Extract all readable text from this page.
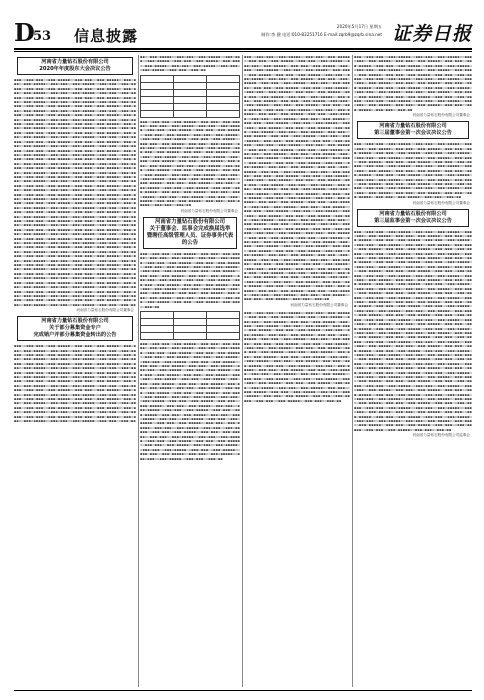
D 53 信息披露
2020年5月17日 星期五
制作:李 健 电话:010-83251716 E-mail:zqrb9@zqrb.sina.net 证券日报
河南省力量钻石股份有限公司
2020年年度股东大会决议公告
▪▪▪▫▫▪▪▪▫▪▪▪▫▫▪▪▪▫▪▪▪▪▪▫▫▪▪▪▫▪▪▪▫▫▪▪▪▫▪▪▪▪▪▫▫▪▪▪▫▪▪▪▫▫▪▪▪▫▪▪▪▪▪▫▫▪▪▪▫▪▪▪▫▫▪▪▪▫▪▪▪▪▪▫▫▪▪▪▫▪▪▪▫▫▪▪▪▫▪▪▪▪▪▫▫▪▪▪▫▪▪▪▫▫▪▪▪▫▪▪▪▪▪▫▫▪▪▪▫▪▪▪▫▫▪▪▪▫▪▪▪▪▪▫▫▪▪▪▫▪▪▪▫▫▪▪▪▫▪▪▪▪▪▫▫▪▪▪▫▪▪▪▫▫▪▪▪▫▪▪▪▪▪▫▫▪▪▪▫▪▪▪▫▫▪▪▪▫▪▪▪▪▪▫▫▪▪▪▫▪▪▪▫▫▪▪▪▫▪▪▪▪▪▫▫▪▪▪▫▪▪▪▫▫▪▪▪▫▪▪▪▪▪▫▫▪▪▪▫▪▪▪▫▫▪▪▪▫▪▪▪▪▪▫▫▪▪▪▫▪▪▪▫▫▪▪▪▫▪▪▪▪▪▫▫▪▪▪▫▪▪▪▫▫▪▪▪▫▪▪▪▪▪▫▫▪▪▪▫▪▪▪▫▫▪▪▪▫▪▪▪▪▪▫▫▪▪▪▫▪▪▪▫▫▪▪▪▫▪▪▪▪▪▫▫▪▪▪▫▪▪▪▫▫▪▪▪▫▪▪▪▪▪▫▫▪▪▪▫▪▪▪▫▫▪▪▪▫▪▪▪▪▪▫▫▪▪▪▫▪▪▪▫▫▪▪▪▫▪▪▪▪▪▫▫▪▪▪▫▪▪▪▫▫▪▪▪▫▪▪▪▪▪▫▫▪▪▪▫▪▪▪▫▫▪▪▪▫▪▪▪▪▪▫▫▪▪▪▫▪▪▪▫▫▪▪▪▫▪▪▪▪▪▫▫▪▪▪▫▪▪▪▫▫▪▪▪▫▪▪▪▪▪▫▫▪▪▪▫▪▪▪▫▫▪▪▪▫▪▪▪▪▪▫▫▪▪▪▫▪▪▪▫▫▪▪▪▫▪▪▪▪▪▫▫▪▪▪▫▪▪▪▫▫▪▪▪▫▪▪▪▪▪▫▫▪▪▪▫▪▪▪▫▫▪▪▪▫▪▪▪▪▪▫▫▪▪▪▫▪▪▪▫▫▪▪▪▫▪▪▪▪▪▫▫▪▪▪▫▪▪▪▫▫▪▪▪▫▪▪▪▪▪▫▫▪▪▪▫▪▪▪▫▫▪▪▪▫▪▪▪▪▪▫▫▪▪▪▫▪▪▪▫▫▪▪▪▫▪▪▪▪▪▫▫▪▪▪▫▪▪▪▫▫▪▪▪▫▪▪▪▪▪▫▫▪▪▪▫▪▪▪▫▫▪▪▪▫▪▪▪▪▪▫▫▪▪▪▫▪▪▪▫▫▪▪▪▫▪▪▪▪▪▫▫▪▪▪▫▪▪▪▫▫▪▪▪▫▪▪▪▪▪▫▫▪▪▪▫▪▪▪▫▫▪▪▪▫▪▪▪▪▪▫▫▪▪▪▫▪▪▪▫▫▪▪▪▫▪▪▪▪▪▫▫▪▪▪▫▪▪▪▫▫▪▪▪▫▪▪▪▪▪▫▫▪▪▪▫▪▪▪▫▫▪▪▪▫▪▪▪▪▪▫▫▪▪▪▫▪▪▪▫▫▪▪▪▫▪▪▪▪▪▫▫▪▪▪▫▪▪▪▫▫▪▪▪▫▪▪▪▪▪▫▫▪▪▪▫▪▪▪▫▫▪▪▪▫▪▪▪▪▪▫▫▪▪▪▫▪▪▪▫▫▪▪▪▫▪▪▪▪▪▫▫▪▪▪▫▪▪▪▫▫▪▪▪▫▪▪▪▪▪▫▫▪▪▪▫▪▪▪▫▫▪▪▪▫▪▪▪▪▪▫▫▪▪▪▫▪▪▪▫▫▪▪▪▫▪▪▪▪▪▫▫▪▪▪▫▪▪▪▫▫▪▪▪▫▪▪▪▪▪▫▫▪▪▪▫▪▪▪▫▫▪▪▪▫▪▪▪▪▪▫▫▪▪▪▫▪▪▪▫▫▪▪▪▫▪▪▪▪▪▫▫▪▪▪▫▪▪▪▫▫▪▪▪▫▪▪▪▪▪▫▫▪▪▪▫▪▪▪▫▫▪▪▪▫▪▪▪▪▪▫▫▪▪▪▫▪▪▪▫▫▪▪▪▫▪▪▪▪▪▫▫▪▪▪▫▪▪▪▫▫▪▪▪▫▪▪▪▪▪▫▫▪▪▪▫▪▪▪▫▫▪▪▪▫▪▪▪▪▪▫▫▪▪▪▫▪▪▪▫▫▪▪▪▫▪▪▪▪▪▫▫▪▪▪▫▪▪▪▫▫▪▪▪▫▪▪▪▪▪▫▫▪▪▪▫▪▪▪▫▫▪▪▪▫▪▪▪▪▪▫▫▪▪▪▫▪▪▪▫▫▪▪▪▫▪▪▪▪▪▫▫▪▪▪▫▪▪▪▫▫▪▪▪▫▪▪▪▪▪▫▫▪▪▪▫▪▪▪▫▫▪▪▪▫▪▪▪▪▪▫▫▪▪▪▫▪▪▪▫▫▪▪▪▫▪▪▪▪▪▫▫▪▪▪▫▪▪▪▫▫▪▪▪▫▪▪▪▪▪▫▫▪▪▪▫▪▪▪▫▫▪▪▪▫▪▪▪▪▪▫▫▪▪▪▫▪▪▪▫▫▪▪▪▫▪▪▪▪▪▫▫▪▪▪▫▪▪▪▫▫▪▪▪▫▪▪▪▪▪▫▫▪▪▪▫▪▪▪▫▫▪▪▪▫▪▪▪▪▪▫▫▪▪▪▫▪▪▪▫▫▪▪▪▫▪▪▪▪▪▫▫▪▪▪▫▪▪▪▫▫▪▪▪▫▪▪▪▪▪▫▫▪▪▪▫▪▪▪▫▫▪▪▪▫▪▪▪▪▪▫▫▪▪▪▫▪▪▪▫▫▪▪▪▫▪▪▪▪▪▫▫▪▪▪▫▪▪▪▫▫▪▪▪▫▪▪▪▪▪▫▫▪▪▪▫▪▪▪▫▫▪▪▪▫▪▪▪▪▪▫▫▪▪▪▫▪▪▪▫▫▪▪▪▫▪▪▪▪▪▫▫▪▪▪▫▪▪▪▫▫▪▪▪▫▪▪▪▪▪▫▫▪▪▪▫▪▪▪▫▫▪▪▪▫▪▪▪▪▪▫▫▪▪▪▫▪▪▪▫▫▪▪▪▫▪▪▪▪▪▫▫▪▪▪▫▪▪▪▫▫▪▪▪▫▪▪▪▪▪▫▫▪▪▪▫▪▪▪▫▫▪▪▪▫▪▪▪▪▪▫▫▪▪▪▫▪▪▪▫▫▪▪▪▫▪▪▪▪▪▫▫▪▪▪▫▪▪▪▫▫▪▪▪▫▪▪▪▪▪▫▫▪▪▪▫▪▪▪▫▫▪▪▪▫▪▪▪▪▪▫▫▪▪▪▫▪▪▪▫▫▪▪▪▫▪▪▪▪▪▫▫▪▪▪▫▪▪▪▫▫▪▪▪▫▪▪▪▪▪▫▫▪▪▪▫▪▪▪▫▫▪▪▪▫▪▪▪▪▪▫▫▪▪▪▫▪▪▪▫▫▪▪▪▫▪▪▪▪▪▫▫▪▪▪▫▪▪▪▫▫▪▪▪▫▪▪▪▪▪▫▫▪▪▪▫▪▪▪▫▫▪▪▪▫▪▪▪▪▪▫▫▪▪▪▫▪▪▪▫▫▪▪▪▫▪▪▪▪▪▫▫▪▪▪▫▪▪▪▫▫▪▪▪▫▪▪▪▪▪▫▫▪▪▪▫▪▪▪▫▫▪▪▪▫▪▪▪▪▪▫▫▪▪▪▫▪▪▪▫▫▪▪▪▫▪▪▪▪▪▫▫▪▪▪▫▪▪▪▫▫▪▪▪▫▪▪▪▪▪▫▫▪▪▪▫▪▪▪▫▫▪▪▪▫▪▪▪▪▪▫▫▪▪▪▫▪▪▪▫▫▪▪▪▫▪▪▪▪▪▫▫▪▪▪▫▪▪▪▫▫▪▪▪▫▪▪▪▪▪▫▫▪▪▪▫▪▪▪▫▫▪▪▪▫▪▪▪▪▪▫▫▪▪▪▫▪▪▪▫▫▪▪▪▫▪▪▪▪▪▫▫▪▪▪▫▪▪▪▫▫▪▪▪▫▪▪▪▪▪▫▫▪▪▪▫▪▪▪▫▫▪▪▪▫▪▪▪▪▪▫▫▪▪▪▫▪▪▪▫▫▪▪▪▫▪▪▪▪▪▫▫▪▪▪▫▪▪▪▫▫▪▪▪▫▪▪▪▪▪▫▫▪▪▪▫▪▪▪▫▫▪▪▪▫▪▪▪▪▪▫▫▪▪▪▫▪▪▪▫▫▪▪▪▫▪▪▪▪▪▫▫▪▪▪▫▪▪▪▫▫▪▪▪▫▪▪▪▪▪▫▫▪▪▪▫▪▪▪▫▫▪▪▪▫▪▪▪▪▪▫▫▪▪▪▫▪▪▪▫▫▪▪▪▫▪▪▪▪▪▫▫▪▪▪▫▪▪▪▫▫▪▪▪▫▪▪▪▪▪▫▫▪▪▪▫▪▪▪▫▫▪▪▪▫▪▪▪▪▪▫▫▪▪▪▫▪▪▪▫▫▪▪▪▫▪▪▪▪▪▫▫▪▪▪▫▪▪▪▫▫▪▪▪▫▪▪▪▪▪▫▫▪▪▪▫▪▪▪▫▫▪▪▪▫▪▪▪▪▪▫▫▪▪▪▫▪▪▪▫▫▪▪▪▫▪▪▪▪▪▫▫▪▪▪▫▪▪▪▫▫▪▪▪▫▪▪▪▪▪▫▫▪▪▪▫▪▪▪▫▫▪▪▪▫▪▪▪▪▪▫▫▪▪▪▫▪▪▪▫▫▪▪▪▫▪▪▪▪▪▫▫▪▪▪▫▪▪▪▫▫▪▪▪▫▪▪▪▪▪▫▫▪▪▪▫▪▪▪▫▫▪▪▪▫▪▪▪▪▪▫▫▪▪▪▫▪▪▪▫▫▪▪▪▫▪▪▪▪▪▫▫▪▪▪▫▪▪▪▫▫▪▪▪▫▪▪▪▪▪▫▫▪▪▪▫▪▪▪▫▫▪▪▪▫▪▪▪▪▪▫▫▪▪▪▫▪▪▪▫▫▪▪▪▫▪▪▪▪▪▫▫▪▪▪▫▪▪▪▫▫▪▪▪▫▪▪▪▪▪▫▫▪▪▪▫▪▪▪▫▫▪▪▪▫▪▪▪▪▪▫▫▪▪▪▫▪▪▪▫▫▪▪▪▫▪▪▪▪▪▫▫▪▪▪▫▪▪▪▫▫▪▪▪▫▪▪▪▪▪▫▫▪▪▪▫▪▪▪▫▫▪▪▪▫▪▪▪▪▪▫▫▪▪▪▫▪▪▪▫▫▪▪▪▫▪▪▪▪▪▫▫▪▪▪▫▪▪▪▫▫▪▪▪▫▪▪▪▪▪▫▫▪▪▪▫▪▪▪▫▫▪▪▪▫▪▪
河南省力量钻石股份有限公司董事会
河南省力量钻石股份有限公司
关于部分募集资金专户
完成销户并部分募集资金转出的公告
▪▪▪▫▫▪▪▪▫▪▪▪▫▫▪▪▪▫▪▪▪▪▪▫▫▪▪▪▫▪▪▪▫▫▪▪▪▫▪▪▪▪▪▫▫▪▪▪▫▪▪▪▫▫▪▪▪▫▪▪▪▪▪▫▫▪▪▪▫▪▪▪▫▫▪▪▪▫▪▪▪▪▪▫▫▪▪▪▫▪▪▪▫▫▪▪▪▫▪▪▪▪▪▫▫▪▪▪▫▪▪▪▫▫▪▪▪▫▪▪▪▪▪▫▫▪▪▪▫▪▪▪▫▫▪▪▪▫▪▪▪▪▪▫▫▪▪▪▫▪▪▪▫▫▪▪▪▫▪▪▪▪▪▫▫▪▪▪▫▪▪▪▫▫▪▪▪▫▪▪▪▪▪▫▫▪▪▪▫▪▪▪▫▫▪▪▪▫▪▪▪▪▪▫▫▪▪▪▫▪▪▪▫▫▪▪▪▫▪▪▪▪▪▫▫▪▪▪▫▪▪▪▫▫▪▪▪▫▪▪▪▪▪▫▫▪▪▪▫▪▪▪▫▫▪▪▪▫▪▪▪▪▪▫▫▪▪▪▫▪▪▪▫▫▪▪▪▫▪▪▪▪▪▫▫▪▪▪▫▪▪▪▫▫▪▪▪▫▪▪▪▪▪▫▫▪▪▪▫▪▪▪▫▫▪▪▪▫▪▪▪▪▪▫▫▪▪▪▫▪▪▪▫▫▪▪▪▫▪▪▪▪▪▫▫▪▪▪▫▪▪▪▫▫▪▪▪▫▪▪▪▪▪▫▫▪▪▪▫▪▪▪▫▫▪▪▪▫▪▪▪▪▪▫▫▪▪▪▫▪▪▪▫▫▪▪▪▫▪▪▪▪▪▫▫▪▪▪▫▪▪▪▫▫▪▪▪▫▪▪▪▪▪▫▫▪▪▪▫▪▪▪▫▫▪▪▪▫▪▪▪▪▪▫▫▪▪▪▫▪▪▪▫▫▪▪▪▫▪▪▪▪▪▫▫▪▪▪▫▪▪▪▫▫▪▪▪▫▪▪▪▪▪▫▫▪▪▪▫▪▪▪▫▫▪▪▪▫▪▪▪▪▪▫▫▪▪▪▫▪▪▪▫▫▪▪▪▫▪▪▪▪▪▫▫▪▪▪▫▪▪▪▫▫▪▪▪▫▪▪▪▪▪▫▫▪▪▪▫▪▪▪▫▫▪▪▪▫▪▪▪▪▪▫▫▪▪▪▫▪▪▪▫▫▪▪▪▫▪▪▪▪▪▫▫▪▪▪▫▪▪▪▫▫▪▪▪▫▪▪▪▪▪▫▫▪▪▪▫▪▪▪▫▫▪▪▪▫▪▪▪▪▪▫▫▪▪▪▫▪▪▪▫▫▪▪▪▫▪▪▪▪▪▫▫▪▪▪▫▪▪▪▫▫▪▪▪▫▪▪▪▪▪▫▫▪▪▪▫▪▪▪▫▫▪▪▪▫▪▪▪▪▪▫▫▪▪▪▫▪▪▪▫▫▪▪▪▫▪▪▪▪▪▫▫▪▪▪▫▪▪▪▫▫▪▪▪▫▪▪▪▪▪▫▫▪▪▪▫▪▪▪▫▫▪▪▪▫▪▪▪▪▪▫▫▪▪▪▫▪▪▪▫▫▪▪▪▫▪▪▪▪▪▫▫▪▪▪▫▪▪▪▫▫▪▪▪▫▪▪▪▪▪▫▫▪▪▪▫▪▪▪▫▫▪▪▪▫▪▪▪▪▪▫▫▪▪▪▫▪▪▪▫▫▪▪▪▫▪▪▪▪▪▫▫▪▪▪▫▪▪▪▫▫▪▪▪▫▪▪▪▪▪▫▫▪▪▪▫▪▪▪▫▫▪▪▪▫▪▪▪▪▪▫▫▪▪▪▫▪▪▪▫▫▪▪▪▫▪▪▪▪▪▫▫▪▪▪▫▪▪▪▫▫▪▪▪▫▪▪
▪▪▫▫▪▪▪▫▪▪▪▪▪▫▫▪▪▪▫▪▪▪▫▫▪▪▪▫▪▪▪▪▪▫▫▪▪▪▫▪▪▪▫▫▪▪▪▫▪▪▪▪▪▫▫▪▪▪▫▪▪▪▫▫▪▪▪▫▪▪▪▪▪▫▫▪▪▪▫▪▪▪▫▫▪▪▪▫▪▪▪▪▪▫▫▪▪▪▫▪▪▪▫▫▪▪▪▫▪▪▪▪▪▫▫▪▪▪▫▪▪▪▫▫▪▪▪▫▪▪▪▪▪▫▫▪▪▪▫▪▪▪▫▫▪▪▪▫▪▪

▪▪▪▫▫▪▪▪▫▪▪▪▫▫▪▪▪▫▪▪▪▪▪▫▫▪▪▪▫▪▪▪▫▫▪▪▪▫▪▪▪▪▪▫▫▪▪▪▫▪▪▪▫▫▪▪▪▫▪▪▪▪▪▫▫▪▪▪▫▪▪▪▫▫▪▪▪▫▪▪▪▪▪▫▫▪▪▪▫▪▪▪▫▫▪▪▪▫▪▪▪▪▪▫▫▪▪▪▫▪▪▪▫▫▪▪▪▫▪▪▪▪▪▫▫▪▪▪▫▪▪▪▫▫▪▪▪▫▪▪▪▪▪▫▫▪▪▪▫▪▪▪▫▫▪▪▪▫▪▪▪▪▪▫▫▪▪▪▫▪▪▪▫▫▪▪▪▫▪▪▪▪▪▫▫▪▪▪▫▪▪▪▫▫▪▪▪▫▪▪▪▪▪▫▫▪▪▪▫▪▪▪▫▫▪▪▪▫▪▪▪▪▪▫▫▪▪▪▫▪▪▪▫▫▪▪▪▫▪▪▪▪▪▫▫▪▪▪▫▪▪▪▫▫▪▪▪▫▪▪▪▪▪▫▫▪▪▪▫▪▪▪▫▫▪▪▪▫▪▪▪▪▪▫▫▪▪▪▫▪▪▪▫▫▪▪▪▫▪▪▪▪▪▫▫▪▪▪▫▪▪▪▫▫▪▪▪▫▪▪▪▪▪▫▫▪▪▪▫▪▪▪▫▫▪▪▪▫▪▪▪▪▪▫▫▪▪▪▫▪▪▪▫▫▪▪▪▫▪▪▪▪▪▫▫▪▪▪▫▪▪▪▫▫▪▪▪▫▪▪▪▪▪▫▫▪▪▪▫▪▪▪▫▫▪▪▪▫▪▪▪▪▪▫▫▪▪▪▫▪▪▪▫▫▪▪▪▫▪▪▪▪▪▫▫▪▪▪▫▪▪▪▫▫▪▪▪▫▪▪▪▪▪▫▫▪▪▪▫▪▪▪▫▫▪▪▪▫▪▪▪▪▪▫▫▪▪▪▫▪▪▪▫▫▪▪▪▫▪▪▪▪▪▫▫▪▪▪▫▪▪▪▫▫▪▪▪▫▪▪▪▪▪▫▫▪▪▪▫▪▪▪▫▫▪▪▪▫▪▪▪▪▪▫▫▪▪▪▫▪▪▪▫▫▪▪▪▫▪▪▪▪▪▫▫▪▪▪▫▪▪▪▫▫▪▪▪▫▪▪▪▪▪▫▫▪▪▪▫▪▪▪▫▫▪▪▪▫▪▪▪▪▪▫▫▪▪▪▫▪▪▪▫▫▪▪▪▫▪▪▪▪▪▫▫▪▪▪▫▪▪▪▫▫▪▪▪▫▪▪▪▪▪▫▫▪▪▪▫▪▪▪▫▫▪▪▪▫▪▪▪▪▪▫▫▪▪▪▫▪▪▪▫▫▪▪▪▫▪▪▪▪▪▫▫▪▪▪▫▪▪▪▫▫▪▪▪▫▪▪▪▪▪▫▫▪▪▪▫▪▪▪▫▫▪▪▪▫▪▪▪▪▪▫▫▪▪▪▫▪▪▪▫▫▪▪▪▫▪▪▪▪▪▫▫▪▪▪▫▪▪▪▫▫▪▪▪▫▪▪▪▪▪▫▫▪▪▪▫▪▪▪▫▫▪▪▪▫▪▪▪▪▪▫▫▪▪▪▫▪▪▪▫▫▪▪▪▫▪▪▪▪▪▫▫▪▪▪▫▪▪▪▫▫▪▪▪▫▪▪
河南省力量钻石股份有限公司董事会
河南省力量钻石股份有限公司
关于董事会、监事会完成换届选举
暨聘任高级管理人员、证券事务代表的公告
▪▪▪▫▫▪▪▪▫▪▪▪▫▫▪▪▪▫▪▪▪▪▪▫▫▪▪▪▫▪▪▪▫▫▪▪▪▫▪▪▪▪▪▫▫▪▪▪▫▪▪▪▫▫▪▪▪▫▪▪▪▪▪▫▫▪▪▪▫▪▪▪▫▫▪▪▪▫▪▪▪▪▪▫▫▪▪▪▫▪▪▪▫▫▪▪▪▫▪▪▪▪▪▫▫▪▪▪▫▪▪▪▫▫▪▪▪▫▪▪▪▪▪▫▫▪▪▪▫▪▪▪▫▫▪▪▪▫▪▪▪▪▪▫▫▪▪▪▫▪▪▪▫▫▪▪▪▫▪▪▪▪▪▫▫▪▪▪▫▪▪▪▫▫▪▪▪▫▪▪▪▪▪▫▫▪▪▪▫▪▪▪▫▫▪▪▪▫▪▪▪▪▪▫▫▪▪▪▫▪▪▪▫▫▪▪▪▫▪▪▪▪▪▫▫▪▪▪▫▪▪▪▫▫▪▪▪▫▪▪▪▪▪▫▫▪▪▪▫▪▪▪▫▫▪▪▪▫▪▪▪▪▪▫▫▪▪▪▫▪▪▪▫▫▪▪▪▫▪▪▪▪▪▫▫▪▪▪▫▪▪▪▫▫▪▪▪▫▪▪▪▪▪▫▫▪▪▪▫▪▪▪▫▫▪▪▪▫▪▪▪▪▪▫▫▪▪▪▫▪▪▪▫▫▪▪▪▫▪▪▪▪▪▫▫▪▪▪▫▪▪▪▫▫▪▪▪▫▪▪▪▪▪▫▫▪▪▪▫▪▪▪▫▫▪▪▪▫▪▪▪▪▪▫▫▪▪▪▫▪▪▪▫▫▪▪▪▫▪▪▪▪▪▫▫▪▪▪▫▪▪▪▫▫▪▪▪▫▪▪▪▪▪▫▫▪▪▪▫▪▪▪▫▫▪▪▪▫▪▪▪▪▪▫▫▪▪▪▫▪▪▪▫▫▪▪▪▫▪▪▪▪▪▫▫▪▪▪▫▪▪▪▫▫▪▪▪▫▪▪▪▪▪▫▫▪▪▪▫▪▪▪▫▫▪▪▪▫▪▪

▪▪▪▫▫▪▪▪▫▪▪▪▫▫▪▪▪▫▪▪▪▪▪▫▫▪▪▪▫▪▪▪▫▫▪▪▪▫▪▪▪▪▪▫▫▪▪▪▫▪▪▪▫▫▪▪▪▫▪▪▪▪▪▫▫▪▪▪▫▪▪▪▫▫▪▪▪▫▪▪▪▪▪▫▫▪▪▪▫▪▪▪▫▫▪▪▪▫▪▪▪▪▪▫▫▪▪▪▫▪▪▪▫▫▪▪▪▫▪▪▪▪▪▫▫▪▪▪▫▪▪▪▫▫▪▪▪▫▪▪▪▪▪▫▫▪▪▪▫▪▪▪▫▫▪▪▪▫▪▪▪▪▪▫▫▪▪▪▫▪▪▪▫▫▪▪▪▫▪▪▪▪▪▫▫▪▪▪▫▪▪▪▫▫▪▪▪▫▪▪▪▪▪▫▫▪▪▪▫▪▪▪▫▫▪▪▪▫▪▪▪▪▪▫▫▪▪▪▫▪▪▪▫▫▪▪▪▫▪▪▪▪▪▫▫▪▪▪▫▪▪▪▫▫▪▪▪▫▪▪▪▪▪▫▫▪▪▪▫▪▪▪▫▫▪▪▪▫▪▪▪▪▪▫▫▪▪▪▫▪▪▪▫▫▪▪▪▫▪▪▪▪▪▫▫▪▪▪▫▪▪▪▫▫▪▪▪▫▪▪▪▪▪▫▫▪▪▪▫▪▪▪▫▫▪▪▪▫▪▪▪▪▪▫▫▪▪▪▫▪▪▪▫▫▪▪▪▫▪▪▪▪▪▫▫▪▪▪▫▪▪▪▫▫▪▪▪▫▪▪▪▪▪▫▫▪▪▪▫▪▪▪▫▫▪▪▪▫▪▪▪▪▪▫▫▪▪▪▫▪▪▪▫▫▪▪▪▫▪▪▪▪▪▫▫▪▪▪▫▪▪▪▫▫▪▪▪▫▪▪▪▪▪▫▫▪▪▪▫▪▪▪▫▫▪▪▪▫▪▪▪▪▪▫▫▪▪▪▫▪▪▪▫▫▪▪▪▫▪▪▪▪▪▫▫▪▪▪▫▪▪▪▫▫▪▪▪▫▪▪▪▪▪▫▫▪▪▪▫▪▪▪▫▫▪▪▪▫▪▪▪▪▪▫▫▪▪▪▫▪▪▪▫▫▪▪▪▫▪▪▪▪▪▫▫▪▪▪▫▪▪▪▫▫▪▪▪▫▪▪▪▪▪▫▫▪▪▪▫▪▪▪▫▫▪▪▪▫▪▪▪▪▪▫▫▪▪▪▫▪▪▪▫▫▪▪▪▫▪▪▪▪▪▫▫▪▪▪▫▪▪▪▫▫▪▪▪▫▪▪▪▪▪▫▫▪▪▪▫▪▪▪▫▫▪▪▪▫▪▪▪▪▪▫▫▪▪▪▫▪▪▪▫▫▪▪▪▫▪▪▪▪▪▫▫▪▪▪▫▪▪▪▫▫▪▪▪▫▪▪▪▪▪▫▫▪▪▪▫▪▪▪▫▫▪▪▪▫▪▪▪▪▪▫▫▪▪▪▫▪▪▪▫▫▪▪▪▫▪▪▪▪▪▫▫▪▪▪▫▪▪▪▫▫▪▪▪▫▪▪▪▪▪▫▫▪▪▪▫▪▪▪▫▫▪▪▪▫▪▪▪▪▪▫▫▪▪▪▫▪▪▪▫▫▪▪▪▫▪▪▪▪▪▫▫▪▪▪▫▪▪▪▫▫▪▪▪▫▪▪▪▪▪▫▫▪▪▪▫▪▪▪▫▫▪▪▪▫▪▪▪▪▪▫▫▪▪▪▫▪▪▪▫▫▪▪▪▫▪▪▪▪▪▫▫▪▪▪▫▪▪▪▫▫▪▪▪▫▪▪▪▪▪▫▫▪▪▪▫▪▪▪▫▫▪▪▪▫▪▪▪▪▪▫▫▪▪▪▫▪▪▪▫▫▪▪▪▫▪▪▪▪▪▫▫▪▪▪▫▪▪▪▫▫▪▪▪▫▪▪▪▪▪▫▫▪▪▪▫▪▪▪▫▫▪▪▪▫▪▪▪▪▪▫▫▪▪▪▫▪▪▪▫▫▪▪▪▫▪▪▪▪▪▫▫▪▪▪▫▪▪▪▫▫▪▪▪▫▪▪▪▪▪▫▫▪▪▪▫▪▪▪▫▫▪▪▪▫▪▪▪▪▪▫▫▪▪▪▫▪▪▪▫▫▪▪▪▫▪▪▪▪▪▫▫▪▪▪▫▪▪▪▫▫▪▪▪▫▪▪▪▪▪▫▫▪▪▪▫▪▪▪▫▫▪▪▪▫▪▪▪▪▪▫▫▪▪▪▫▪▪▪▫▫▪▪▪▫▪▪▪▪▪▫▫▪▪▪▫▪▪▪▫▫▪▪▪▫▪▪
▪▪▪▫▫▪▪▪▫▪▪▪▫▫▪▪▪▫▪▪▪▪▪▫▫▪▪▪▫▪▪▪▫▫▪▪▪▫▪▪▪▪▪▫▫▪▪▪▫▪▪▪▫▫▪▪▪▫▪▪▪▪▪▫▫▪▪▪▫▪▪▪▫▫▪▪▪▫▪▪▪▪▪▫▫▪▪▪▫▪▪▪▫▫▪▪▪▫▪▪▪▪▪▫▫▪▪▪▫▪▪▪▫▫▪▪▪▫▪▪▪▪▪▫▫▪▪▪▫▪▪▪▫▫▪▪▪▫▪▪▪▪▪▫▫▪▪▪▫▪▪▪▫▫▪▪▪▫▪▪▪▪▪▫▫▪▪▪▫▪▪▪▫▫▪▪▪▫▪▪▪▪▪▫▫▪▪▪▫▪▪▪▫▫▪▪▪▫▪▪▪▪▪▫▫▪▪▪▫▪▪▪▫▫▪▪▪▫▪▪▪▪▪▫▫▪▪▪▫▪▪▪▫▫▪▪▪▫▪▪▪▪▪▫▫▪▪▪▫▪▪▪▫▫▪▪▪▫▪▪▪▪▪▫▫▪▪▪▫▪▪▪▫▫▪▪▪▫▪▪▪▪▪▫▫▪▪▪▫▪▪▪▫▫▪▪▪▫▪▪▪▪▪▫▫▪▪▪▫▪▪▪▫▫▪▪▪▫▪▪▪▪▪▫▫▪▪▪▫▪▪▪▫▫▪▪▪▫▪▪▪▪▪▫▫▪▪▪▫▪▪▪▫▫▪▪▪▫▪▪▪▪▪▫▫▪▪▪▫▪▪▪▫▫▪▪▪▫▪▪▪▪▪▫▫▪▪▪▫▪▪▪▫▫▪▪▪▫▪▪▪▪▪▫▫▪▪▪▫▪▪▪▫▫▪▪▪▫▪▪▪▪▪▫▫▪▪▪▫▪▪▪▫▫▪▪▪▫▪▪▪▪▪▫▫▪▪▪▫▪▪▪▫▫▪▪▪▫▪▪▪▪▪▫▫▪▪▪▫▪▪▪▫▫▪▪▪▫▪▪▪▪▪▫▫▪▪▪▫▪▪▪▫▫▪▪▪▫▪▪▪▪▪▫▫▪▪▪▫▪▪▪▫▫▪▪▪▫▪▪▪▪▪▫▫▪▪▪▫▪▪▪▫▫▪▪▪▫▪▪▪▪▪▫▫▪▪▪▫▪▪▪▫▫▪▪▪▫▪▪▪▪▪▫▫▪▪▪▫▪▪▪▫▫▪▪▪▫▪▪▪▪▪▫▫▪▪▪▫▪▪▪▫▫▪▪▪▫▪▪▪▪▪▫▫▪▪▪▫▪▪▪▫▫▪▪▪▫▪▪▪▪▪▫▫▪▪▪▫▪▪▪▫▫▪▪▪▫▪▪▪▪▪▫▫▪▪▪▫▪▪▪▫▫▪▪▪▫▪▪▪▪▪▫▫▪▪▪▫▪▪▪▫▫▪▪▪▫▪▪▪▪▪▫▫▪▪▪▫▪▪▪▫▫▪▪▪▫▪▪▪▪▪▫▫▪▪▪▫▪▪▪▫▫▪▪▪▫▪▪▪▪▪▫▫▪▪▪▫▪▪▪▫▫▪▪▪▫▪▪▪▪▪▫▫▪▪▪▫▪▪▪▫▫▪▪▪▫▪▪▪▪▪▫▫▪▪▪▫▪▪▪▫▫▪▪▪▫▪▪▪▪▪▫▫▪▪▪▫▪▪▪▫▫▪▪▪▫▪▪▪▪▪▫▫▪▪▪▫▪▪▪▫▫▪▪▪▫▪▪▪▪▪▫▫▪▪▪▫▪▪▪▫▫▪▪▪▫▪▪▪▪▪▫▫▪▪▪▫▪▪▪▫▫▪▪▪▫▪▪▪▪▪▫▫▪▪▪▫▪▪▪▫▫▪▪▪▫▪▪▪▪▪▫▫▪▪▪▫▪▪▪▫▫▪▪▪▫▪▪▪▪▪▫▫▪▪▪▫▪▪▪▫▫▪▪▪▫▪▪▪▪▪▫▫▪▪▪▫▪▪▪▫▫▪▪▪▫▪▪▪▪▪▫▫▪▪▪▫▪▪▪▫▫▪▪▪▫▪▪▪▪▪▫▫▪▪▪▫▪▪▪▫▫▪▪▪▫▪▪▪▪▪▫▫▪▪▪▫▪▪▪▫▫▪▪▪▫▪▪▪▪▪▫▫▪▪▪▫▪▪▪▫▫▪▪▪▫▪▪▪▪▪▫▫▪▪▪▫▪▪▪▫▫▪▪▪▫▪▪▪▪▪▫▫▪▪▪▫▪▪▪▫▫▪▪▪▫▪▪▪▪▪▫▫▪▪▪▫▪▪▪▫▫▪▪▪▫▪▪▪▪▪▫▫▪▪▪▫▪▪▪▫▫▪▪▪▫▪▪▪▪▪▫▫▪▪▪▫▪▪▪▫▫▪▪▪▫▪▪▪▪▪▫▫▪▪▪▫▪▪▪▫▫▪▪▪▫▪▪▪▪▪▫▫▪▪▪▫▪▪▪▫▫▪▪▪▫▪▪▪▪▪▫▫▪▪▪▫▪▪▪▫▫▪▪▪▫▪▪▪▪▪▫▫▪▪▪▫▪▪▪▫▫▪▪▪▫▪▪▪▪▪▫▫▪▪▪▫▪▪▪▫▫▪▪▪▫▪▪▪▪▪▫▫▪▪▪▫▪▪▪▫▫▪▪▪▫▪▪▪▪▪▫▫▪▪▪▫▪▪▪▫▫▪▪▪▫▪▪▪▪▪▫▫▪▪▪▫▪▪▪▫▫▪▪▪▫▪▪▪▪▪▫▫▪▪▪▫▪▪▪▫▫▪▪▪▫▪▪▪▪▪▫▫▪▪▪▫▪▪▪▫▫▪▪▪▫▪▪▪▪▪▫▫▪▪▪▫▪▪▪▫▫▪▪▪▫▪▪▪▪▪▫▫▪▪▪▫▪▪▪▫▫▪▪▪▫▪▪▪▪▪▫▫▪▪▪▫▪▪▪▫▫▪▪▪▫▪▪▪▪▪▫▫▪▪▪▫▪▪▪▫▫▪▪▪▫▪▪▪▪▪▫▫▪▪▪▫▪▪▪▫▫▪▪▪▫▪▪▪▪▪▫▫▪▪▪▫▪▪▪▫▫▪▪▪▫▪▪▪▪▪▫▫▪▪▪▫▪▪▪▫▫▪▪▪▫▪▪▪▪▪▫▫▪▪▪▫▪▪▪▫▫▪▪▪▫▪▪▪▪▪▫▫▪▪▪▫▪▪▪▫▫▪▪▪▫▪▪▪▪▪▫▫▪▪▪▫▪▪▪▫▫▪▪▪▫▪▪▪▪▪▫▫▪▪▪▫▪▪▪▫▫▪▪▪▫▪▪▪▪▪▫▫▪▪▪▫▪▪▪▫▫▪▪▪▫▪▪▪▪▪▫▫▪▪▪▫▪▪▪▫▫▪▪▪▫▪▪▪▪▪▫▫▪▪▪▫▪▪▪▫▫▪▪▪▫▪▪▪▪▪▫▫▪▪▪▫▪▪▪▫▫▪▪▪▫▪▪▪▪▪▫▫▪▪▪▫▪▪▪▫▫▪▪▪▫▪▪▪▪▪▫▫▪▪▪▫▪▪▪▫▫▪▪▪▫▪▪▪▪▪▫▫▪▪▪▫▪▪▪▫▫▪▪▪▫▪▪▪▪▪▫▫▪▪▪▫▪▪▪▫▫▪▪▪▫▪▪▪▪▪▫▫▪▪▪▫▪▪▪▫▫▪▪▪▫▪▪▪▪▪▫▫▪▪▪▫▪▪▪▫▫▪▪▪▫▪▪▪▪▪▫▫▪▪▪▫▪▪▪▫▫▪▪▪▫▪▪▪▪▪▫▫▪▪▪▫▪▪▪▫▫▪▪▪▫▪▪▪▪▪▫▫▪▪▪▫▪▪▪▫▫▪▪▪▫▪▪▪▪▪▫▫▪▪▪▫▪▪▪▫▫▪▪▪▫▪▪▪▪▪▫▫▪▪▪▫▪▪▪▫▫▪▪▪▫▪▪▪▪▪▫▫▪▪▪▫▪▪▪▫▫▪▪▪▫▪▪▪▪▪▫▫▪▪▪▫▪▪▪▫▫▪▪▪▫▪▪▪▪▪▫▫▪▪▪▫▪▪▪▫▫▪▪▪▫▪▪▪▪▪▫▫▪▪▪▫▪▪▪▫▫▪▪▪▫▪▪▪▪▪▫▫▪▪▪▫▪▪▪▫▫▪▪▪▫▪▪▪▪▪▫▫▪▪▪▫▪▪▪▫▫▪▪▪▫▪▪▪▪▪▫▫▪▪▪▫▪▪▪▫▫▪▪▪▫▪▪▪▪▪▫▫▪▪▪▫▪▪▪▫▫▪▪▪▫▪▪▪▪▪▫▫▪▪▪▫▪▪▪▫▫▪▪▪▫▪▪▪▪▪▫▫▪▪▪▫▪▪▪▫▫▪▪▪▫▪▪▪▪▪▫▫▪▪▪▫▪▪▪▫▫▪▪▪▫▪▪▪▪▪▫▫▪▪▪▫▪▪▪▫▫▪▪▪▫▪▪▪▪▪▫▫▪▪▪▫▪▪▪▫▫▪▪▪▫▪▪▪▪▪▫▫▪▪▪▫▪▪▪▫▫▪▪▪▫▪▪▪▪▪▫▫▪▪▪▫▪▪▪▫▫▪▪▪▫▪▪▪▪▪▫▫▪▪▪▫▪▪▪▫▫▪▪▪▫▪▪▪▪▪▫▫▪▪▪▫▪▪▪▫▫▪▪▪▫▪▪▪▪▪▫▫▪▪▪▫▪▪▪▫▫▪▪▪▫▪▪▪▪▪▫▫▪▪▪▫▪▪▪▫▫▪▪▪▫▪▪▪▪▪▫▫▪▪▪▫▪▪▪▫▫▪▪▪▫▪▪▪▪▪▫▫▪▪▪▫▪▪▪▫▫▪▪▪▫▪▪▪▪▪▫▫▪▪▪▫▪▪▪▫▫▪▪▪▫▪▪▪▪▪▫▫▪▪▪▫▪▪▪▫▫▪▪▪▫▪▪▪▪▪▫▫▪▪▪▫▪▪▪▫▫▪▪▪▫▪▪▪▪▪▫▫▪▪▪▫▪▪▪▫▫▪▪▪▫▪▪▪▪▪▫▫▪▪▪▫▪▪▪▫▫▪▪▪▫▪▪▪▪▪▫▫▪▪▪▫▪▪▪▫▫▪▪▪▫▪▪▪▪▪▫▫▪▪▪▫▪▪▪▫▫▪▪▪▫▪▪
河南省力量钻石股份有限公司董事会
▪▪▪▫▫▪▪▪▫▪▪▪▫▫▪▪▪▫▪▪▪▪▪▫▫▪▪▪▫▪▪▪▫▫▪▪▪▫▪▪▪▪▪▫▫▪▪▪▫▪▪▪▫▫▪▪▪▫▪▪▪▪▪▫▫▪▪▪▫▪▪▪▫▫▪▪▪▫▪▪▪▪▪▫▫▪▪▪▫▪▪▪▫▫▪▪▪▫▪▪▪▪▪▫▫▪▪▪▫▪▪▪▫▫▪▪▪▫▪▪▪▪▪▫▫▪▪▪▫▪▪▪▫▫▪▪▪▫▪▪▪▪▪▫▫▪▪▪▫▪▪▪▫▫▪▪▪▫▪▪▪▪▪▫▫▪▪▪▫▪▪▪▫▫▪▪▪▫▪▪▪▪▪▫▫▪▪▪▫▪▪▪▫▫▪▪▪▫▪▪▪▪▪▫▫▪▪▪▫▪▪▪▫▫▪▪▪▫▪▪▪▪▪▫▫▪▪▪▫▪▪▪▫▫▪▪▪▫▪▪▪▪▪▫▫▪▪▪▫▪▪▪▫▫▪▪▪▫▪▪▪▪▪▫▫▪▪▪▫▪▪▪▫▫▪▪▪▫▪▪▪▪▪▫▫▪▪▪▫▪▪▪▫▫▪▪▪▫▪▪▪▪▪▫▫▪▪▪▫▪▪▪▫▫▪▪▪▫▪▪▪▪▪▫▫▪▪▪▫▪▪▪▫▫▪▪▪▫▪▪▪▪▪▫▫▪▪▪▫▪▪▪▫▫▪▪▪▫▪▪▪▪▪▫▫▪▪▪▫▪▪▪▫▫▪▪▪▫▪▪▪▪▪▫▫▪▪▪▫▪▪▪▫▫▪▪▪▫▪▪▪▪▪▫▫▪▪▪▫▪▪▪▫▫▪▪▪▫▪▪▪▪▪▫▫▪▪▪▫▪▪▪▫▫▪▪▪▫▪▪▪▪▪▫▫▪▪▪▫▪▪▪▫▫▪▪▪▫▪▪▪▪▪▫▫▪▪▪▫▪▪▪▫▫▪▪▪▫▪▪▪▪▪▫▫▪▪▪▫▪▪▪▫▫▪▪▪▫▪▪▪▪▪▫▫▪▪▪▫▪▪▪▫▫▪▪▪▫▪▪▪▪▪▫▫▪▪▪▫▪▪▪▫▫▪▪▪▫▪▪▪▪▪▫▫▪▪▪▫▪▪▪▫▫▪▪▪▫▪▪▪▪▪▫▫▪▪▪▫▪▪▪▫▫▪▪▪▫▪▪▪▪▪▫▫▪▪▪▫▪▪▪▫▫▪▪▪▫▪▪▪▪▪▫▫▪▪▪▫▪▪▪▫▫▪▪▪▫▪▪▪▪▪▫▫▪▪▪▫▪▪▪▫▫▪▪▪▫▪▪▪▪▪▫▫▪▪▪▫▪▪▪▫▫▪▪▪▫▪▪▪▪▪▫▫▪▪▪▫▪▪▪▫▫▪▪▪▫▪▪▪▪▪▫▫▪▪▪▫▪▪▪▫▫▪▪▪▫▪▪▪▪▪▫▫▪▪▪▫▪▪▪▫▫▪▪▪▫▪▪▪▪▪▫▫▪▪▪▫▪▪▪▫▫▪▪▪▫▪▪▪▪▪▫▫▪▪▪▫▪▪▪▫▫▪▪▪▫▪▪▪▪▪▫▫▪▪▪▫▪▪▪▫▫▪▪▪▫▪▪▪▪▪▫▫▪▪▪▫▪▪▪▫▫▪▪▪▫▪▪▪▪▪▫▫▪▪▪▫▪▪▪▫▫▪▪▪▫▪▪▪▪▪▫▫▪▪▪▫▪▪▪▫▫▪▪▪▫▪▪▪▪▪▫▫▪▪▪▫▪▪▪▫▫▪▪▪▫▪▪▪▪▪▫▫▪▪▪▫▪▪▪▫▫▪▪▪▫▪▪▪▪▪▫▫▪▪▪▫▪▪▪▫▫▪▪▪▫▪▪
▪▪▪▫▫▪▪▪▫▪▪▪▫▫▪▪▪▫▪▪▪▪▪▫▫▪▪▪▫▪▪▪▫▫▪▪▪▫▪▪▪▪▪▫▫▪▪▪▫▪▪▪▫▫▪▪▪▫▪▪▪▪▪▫▫▪▪▪▫▪▪▪▫▫▪▪▪▫▪▪▪▪▪▫▫▪▪▪▫▪▪▪▫▫▪▪▪▫▪▪▪▪▪▫▫▪▪▪▫▪▪▪▫▫▪▪▪▫▪▪▪▪▪▫▫▪▪▪▫▪▪▪▫▫▪▪▪▫▪▪▪▪▪▫▫▪▪▪▫▪▪▪▫▫▪▪▪▫▪▪▪▪▪▫▫▪▪▪▫▪▪▪▫▫▪▪▪▫▪▪▪▪▪▫▫▪▪▪▫▪▪▪▫▫▪▪▪▫▪▪▪▪▪▫▫▪▪▪▫▪▪▪▫▫▪▪▪▫▪▪▪▪▪▫▫▪▪▪▫▪▪▪▫▫▪▪▪▫▪▪▪▪▪▫▫▪▪▪▫▪▪▪▫▫▪▪▪▫▪▪▪▪▪▫▫▪▪▪▫▪▪▪▫▫▪▪▪▫▪▪▪▪▪▫▫▪▪▪▫▪▪▪▫▫▪▪▪▫▪▪▪▪▪▫▫▪▪▪▫▪▪▪▫▫▪▪▪▫▪▪▪▪▪▫▫▪▪▪▫▪▪▪▫▫▪▪▪▫▪▪▪▪▪▫▫▪▪▪▫▪▪▪▫▫▪▪▪▫▪▪▪▪▪▫▫▪▪▪▫▪▪▪▫▫▪▪▪▫▪▪▪▪▪▫▫▪▪▪▫▪▪▪▫▫▪▪▪▫▪▪▪▪▪▫▫▪▪▪▫▪▪▪▫▫▪▪▪▫▪▪▪▪▪▫▫▪▪▪▫▪▪▪▫▫▪▪▪▫▪▪▪▪▪▫▫▪▪▪▫▪▪▪▫▫▪▪▪▫▪▪▪▪▪▫▫▪▪▪▫▪▪▪▫▫▪▪▪▫▪▪▪▪▪▫▫▪▪▪▫▪▪▪▫▫▪▪▪▫▪▪▪▪▪▫▫▪▪▪▫▪▪▪▫▫▪▪▪▫▪▪▪▪▪▫▫▪▪▪▫▪▪▪▫▫▪▪▪▫▪▪▪▪▪▫▫▪▪▪▫▪▪▪▫▫▪▪▪▫▪▪▪▪▪▫▫▪▪▪▫▪▪▪▫▫▪▪▪▫▪▪▪▪▪▫▫▪▪▪▫▪▪▪▫▫▪▪▪▫▪▪
河南省力量钻石股份有限公司董事会
河南省力量钻石股份有限公司
第三届董事会第一次会议决议公告
▪▪▪▫▫▪▪▪▫▪▪▪▫▫▪▪▪▫▪▪▪▪▪▫▫▪▪▪▫▪▪▪▫▫▪▪▪▫▪▪▪▪▪▫▫▪▪▪▫▪▪▪▫▫▪▪▪▫▪▪▪▪▪▫▫▪▪▪▫▪▪▪▫▫▪▪▪▫▪▪▪▪▪▫▫▪▪▪▫▪▪▪▫▫▪▪▪▫▪▪▪▪▪▫▫▪▪▪▫▪▪▪▫▫▪▪▪▫▪▪▪▪▪▫▫▪▪▪▫▪▪▪▫▫▪▪▪▫▪▪▪▪▪▫▫▪▪▪▫▪▪▪▫▫▪▪▪▫▪▪▪▪▪▫▫▪▪▪▫▪▪▪▫▫▪▪▪▫▪▪▪▪▪▫▫▪▪▪▫▪▪▪▫▫▪▪▪▫▪▪▪▪▪▫▫▪▪▪▫▪▪▪▫▫▪▪▪▫▪▪▪▪▪▫▫▪▪▪▫▪▪▪▫▫▪▪▪▫▪▪▪▪▪▫▫▪▪▪▫▪▪▪▫▫▪▪▪▫▪▪▪▪▪▫▫▪▪▪▫▪▪▪▫▫▪▪▪▫▪▪▪▪▪▫▫▪▪▪▫▪▪▪▫▫▪▪▪▫▪▪▪▪▪▫▫▪▪▪▫▪▪▪▫▫▪▪▪▫▪▪▪▪▪▫▫▪▪▪▫▪▪▪▫▫▪▪▪▫▪▪▪▪▪▫▫▪▪▪▫▪▪▪▫▫▪▪▪▫▪▪▪▪▪▫▫▪▪▪▫▪▪▪▫▫▪▪▪▫▪▪▪▪▪▫▫▪▪▪▫▪▪▪▫▫▪▪▪▫▪▪▪▪▪▫▫▪▪▪▫▪▪▪▫▫▪▪▪▫▪▪▪▪▪▫▫▪▪▪▫▪▪▪▫▫▪▪▪▫▪▪▪▪▪▫▫▪▪▪▫▪▪▪▫▫▪▪▪▫▪▪▪▪▪▫▫▪▪▪▫▪▪▪▫▫▪▪▪▫▪▪▪▪▪▫▫▪▪▪▫▪▪▪▫▫▪▪▪▫▪▪▪▪▪▫▫▪▪▪▫▪▪▪▫▫▪▪▪▫▪▪▪▪▪▫▫▪▪▪▫▪▪▪▫▫▪▪▪▫▪▪▪▪▪▫▫▪▪▪▫▪▪▪▫▫▪▪▪▫▪▪▪▪▪▫▫▪▪▪▫▪▪▪▫▫▪▪▪▫▪▪▪▪▪▫▫▪▪▪▫▪▪▪▫▫▪▪▪▫▪▪▪▪▪▫▫▪▪▪▫▪▪▪▫▫▪▪▪▫▪▪
河南省力量钻石股份有限公司董事会
河南省力量钻石股份有限公司
第三届监事会第一次会议决议公告
▪▪▪▫▫▪▪▪▫▪▪▪▫▫▪▪▪▫▪▪▪▪▪▫▫▪▪▪▫▪▪▪▫▫▪▪▪▫▪▪▪▪▪▫▫▪▪▪▫▪▪▪▫▫▪▪▪▫▪▪▪▪▪▫▫▪▪▪▫▪▪▪▫▫▪▪▪▫▪▪▪▪▪▫▫▪▪▪▫▪▪▪▫▫▪▪▪▫▪▪▪▪▪▫▫▪▪▪▫▪▪▪▫▫▪▪▪▫▪▪▪▪▪▫▫▪▪▪▫▪▪▪▫▫▪▪▪▫▪▪▪▪▪▫▫▪▪▪▫▪▪▪▫▫▪▪▪▫▪▪▪▪▪▫▫▪▪▪▫▪▪▪▫▫▪▪▪▫▪▪▪▪▪▫▫▪▪▪▫▪▪▪▫▫▪▪▪▫▪▪▪▪▪▫▫▪▪▪▫▪▪▪▫▫▪▪▪▫▪▪▪▪▪▫▫▪▪▪▫▪▪▪▫▫▪▪▪▫▪▪▪▪▪▫▫▪▪▪▫▪▪▪▫▫▪▪▪▫▪▪▪▪▪▫▫▪▪▪▫▪▪▪▫▫▪▪▪▫▪▪▪▪▪▫▫▪▪▪▫▪▪▪▫▫▪▪▪▫▪▪▪▪▪▫▫▪▪▪▫▪▪▪▫▫▪▪▪▫▪▪▪▪▪▫▫▪▪▪▫▪▪▪▫▫▪▪▪▫▪▪▪▪▪▫▫▪▪▪▫▪▪▪▫▫▪▪▪▫▪▪▪▪▪▫▫▪▪▪▫▪▪▪▫▫▪▪▪▫▪▪▪▪▪▫▫▪▪▪▫▪▪▪▫▫▪▪▪▫▪▪▪▪▪▫▫▪▪▪▫▪▪▪▫▫▪▪▪▫▪▪▪▪▪▫▫▪▪▪▫▪▪▪▫▫▪▪▪▫▪▪▪▪▪▫▫▪▪▪▫▪▪▪▫▫▪▪▪▫▪▪▪▪▪▫▫▪▪▪▫▪▪▪▫▫▪▪▪▫▪▪▪▪▪▫▫▪▪▪▫▪▪▪▫▫▪▪▪▫▪▪▪▪▪▫▫▪▪▪▫▪▪▪▫▫▪▪▪▫▪▪▪▪▪▫▫▪▪▪▫▪▪▪▫▫▪▪▪▫▪▪▪▪▪▫▫▪▪▪▫▪▪▪▫▫▪▪▪▫▪▪▪▪▪▫▫▪▪▪▫▪▪▪▫▫▪▪▪▫▪▪▪▪▪▫▫▪▪▪▫▪▪▪▫▫▪▪▪▫▪▪▪▪▪▫▫▪▪▪▫▪▪▪▫▫▪▪▪▫▪▪▪▪▪▫▫▪▪▪▫▪▪▪▫▫▪▪▪▫▪▪▪▪▪▫▫▪▪▪▫▪▪▪▫▫▪▪▪▫▪▪▪▪▪▫▫▪▪▪▫▪▪▪▫▫▪▪▪▫▪▪▪▪▪▫▫▪▪▪▫▪▪▪▫▫▪▪▪▫▪▪▪▪▪▫▫▪▪▪▫▪▪▪▫▫▪▪▪▫▪▪▪▪▪▫▫▪▪▪▫▪▪▪▫▫▪▪▪▫▪▪▪▪▪▫▫▪▪▪▫▪▪▪▫▫▪▪▪▫▪▪▪▪▪▫▫▪▪▪▫▪▪▪▫▫▪▪▪▫▪▪▪▪▪▫▫▪▪▪▫▪▪▪▫▫▪▪▪▫▪▪▪▪▪▫▫▪▪▪▫▪▪▪▫▫▪▪▪▫▪▪▪▪▪▫▫▪▪▪▫▪▪▪▫▫▪▪▪▫▪▪▪▪▪▫▫▪▪▪▫▪▪▪▫▫▪▪▪▫▪▪▪▪▪▫▫▪▪▪▫▪▪▪▫▫▪▪▪▫▪▪▪▪▪▫▫▪▪▪▫▪▪▪▫▫▪▪▪▫▪▪▪▪▪▫▫▪▪▪▫▪▪▪▫▫▪▪▪▫▪▪▪▪▪▫▫▪▪▪▫▪▪▪▫▫▪▪▪▫▪▪▪▪▪▫▫▪▪▪▫▪▪▪▫▫▪▪▪▫▪▪▪▪▪▫▫▪▪▪▫▪▪▪▫▫▪▪▪▫▪▪▪▪▪▫▫▪▪▪▫▪▪▪▫▫▪▪▪▫▪▪▪▪▪▫▫▪▪▪▫▪▪▪▫▫▪▪▪▫▪▪▪▪▪▫▫▪▪▪▫▪▪▪▫▫▪▪▪▫▪▪▪▪▪▫▫▪▪▪▫▪▪▪▫▫▪▪▪▫▪▪▪▪▪▫▫▪▪▪▫▪▪▪▫▫▪▪▪▫▪▪▪▪▪▫▫▪▪▪▫▪▪▪▫▫▪▪▪▫▪▪▪▪▪▫▫▪▪▪▫▪▪▪▫▫▪▪▪▫▪▪▪▪▪▫▫▪▪▪▫▪▪▪▫▫▪▪▪▫▪▪▪▪▪▫▫▪▪▪▫▪▪▪▫▫▪▪▪▫▪▪▪▪▪▫▫▪▪▪▫▪▪▪▫▫▪▪▪▫▪▪▪▪▪▫▫▪▪▪▫▪▪▪▫▫▪▪▪▫▪▪▪▪▪▫▫▪▪▪▫▪▪▪▫▫▪▪▪▫▪▪▪▪▪▫▫▪▪▪▫▪▪▪▫▫▪▪▪▫▪▪▪▪▪▫▫▪▪▪▫▪▪▪▫▫▪▪▪▫▪▪▪▪▪▫▫▪▪▪▫▪▪▪▫▫▪▪▪▫▪▪▪▪▪▫▫▪▪▪▫▪▪▪▫▫▪▪▪▫▪▪▪▪▪▫▫▪▪▪▫▪▪▪▫▫▪▪▪▫▪▪▪▪▪▫▫▪▪▪▫▪▪▪▫▫▪▪▪▫▪▪▪▪▪▫▫▪▪▪▫▪▪▪▫▫▪▪▪▫▪▪▪▪▪▫▫▪▪▪▫▪▪▪▫▫▪▪▪▫▪▪▪▪▪▫▫▪▪▪▫▪▪▪▫▫▪▪▪▫▪▪▪▪▪▫▫▪▪▪▫▪▪▪▫▫▪▪▪▫▪▪▪▪▪▫▫▪▪▪▫▪▪▪▫▫▪▪▪▫▪▪▪▪▪▫▫▪▪▪▫▪▪▪▫▫▪▪▪▫▪▪▪▪▪▫▫▪▪▪▫▪▪▪▫▫▪▪▪▫▪▪▪▪▪▫▫▪▪▪▫▪▪▪▫▫▪▪▪▫▪▪▪▪▪▫▫▪▪▪▫▪▪▪▫▫▪▪▪▫▪▪▪▪▪▫▫▪▪▪▫▪▪▪▫▫▪▪▪▫▪▪▪▪▪▫▫▪▪▪▫▪▪▪▫▫▪▪▪▫▪▪▪▪▪▫▫▪▪▪▫▪▪▪▫▫▪▪▪▫▪▪▪▪▪▫▫▪▪▪▫▪▪▪▫▫▪▪▪▫▪▪▪▪▪▫▫▪▪▪▫▪▪▪▫▫▪▪▪▫▪▪▪▪▪▫▫▪▪▪▫▪▪▪▫▫▪▪▪▫▪▪▪▪▪▫▫▪▪▪▫▪▪▪▫▫▪▪▪▫▪▪▪▪▪▫▫▪▪▪▫▪▪▪▫▫▪▪▪▫▪▪▪▪▪▫▫▪▪▪▫▪▪▪▫▫▪▪▪▫▪▪▪▪▪▫▫▪▪▪▫▪▪▪▫▫▪▪▪▫▪▪▪▪▪▫▫▪▪▪▫▪▪▪▫▫▪▪▪▫▪▪▪▪▪▫▫▪▪▪▫▪▪▪▫▫▪▪▪▫▪▪▪▪▪▫▫▪▪▪▫▪▪▪▫▫▪▪▪▫▪▪▪▪▪▫▫▪▪▪▫▪▪▪▫▫▪▪▪▫▪▪▪▪▪▫▫▪▪▪▫▪▪▪▫▫▪▪▪▫▪▪▪▪▪▫▫▪▪▪▫▪▪▪▫▫▪▪▪▫▪▪▪▪▪▫▫▪▪▪▫▪▪▪▫▫▪▪▪▫▪▪▪▪▪▫▫▪▪▪▫▪▪▪▫▫▪▪▪▫▪▪▪▪▪▫▫▪▪▪▫▪▪▪▫▫▪▪▪▫▪▪▪▪▪▫▫▪▪▪▫▪▪▪▫▫▪▪▪▫▪▪▪▪▪▫▫▪▪▪▫▪▪▪▫▫▪▪▪▫▪▪▪▪▪▫▫▪▪▪▫▪▪▪▫▫▪▪▪▫▪▪▪▪▪▫▫▪▪▪▫▪▪▪▫▫▪▪▪▫▪▪▪▪▪▫▫▪▪▪▫▪▪▪▫▫▪▪▪▫▪▪▪▪▪▫▫▪▪▪▫▪▪▪▫▫▪▪▪▫▪▪▪▪▪▫▫▪▪▪▫▪▪▪▫▫▪▪▪▫▪▪▪▪▪▫▫▪▪▪▫▪▪▪▫▫▪▪▪▫▪▪▪▪▪▫▫▪▪▪▫▪▪▪▫▫▪▪▪▫▪▪▪▪▪▫▫▪▪▪▫▪▪▪▫▫▪▪▪▫▪▪▪▪▪▫▫▪▪▪▫▪▪▪▫▫▪▪▪▫▪▪▪▪▪▫▫▪▪▪▫▪▪▪▫▫▪▪▪▫▪▪▪▪▪▫▫▪▪▪▫▪▪▪▫▫▪▪▪▫▪▪▪▪▪▫▫▪▪▪▫▪▪▪▫▫▪▪▪▫▪▪▪▪▪▫▫▪▪▪▫▪▪▪▫▫▪▪▪▫▪▪
河南省力量钻石股份有限公司监事会
